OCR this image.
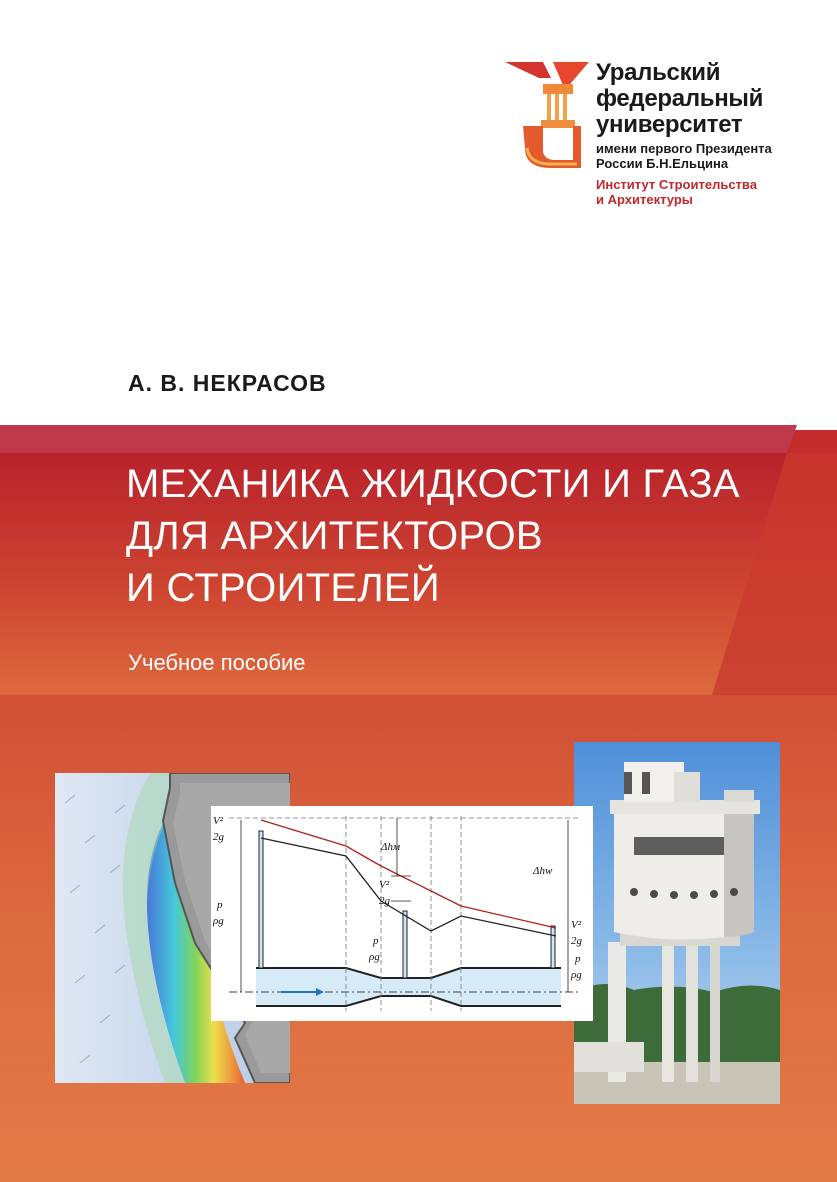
Уральский
федеральный
университет
имени первого Президента
России Б.Н.Ельцина
Институт Строительства
и Архитектуры
А. В. НЕКРАСОВ
МЕХАНИКА ЖИДКОСТИ И ГАЗА
ДЛЯ АРХИТЕКТОРОВ
И СТРОИТЕЛЕЙ
Учебное пособие
V²
2g
p
ρg
Δhм
V²
2g
p
ρg
Δhw
V²
2g
p
ρg
